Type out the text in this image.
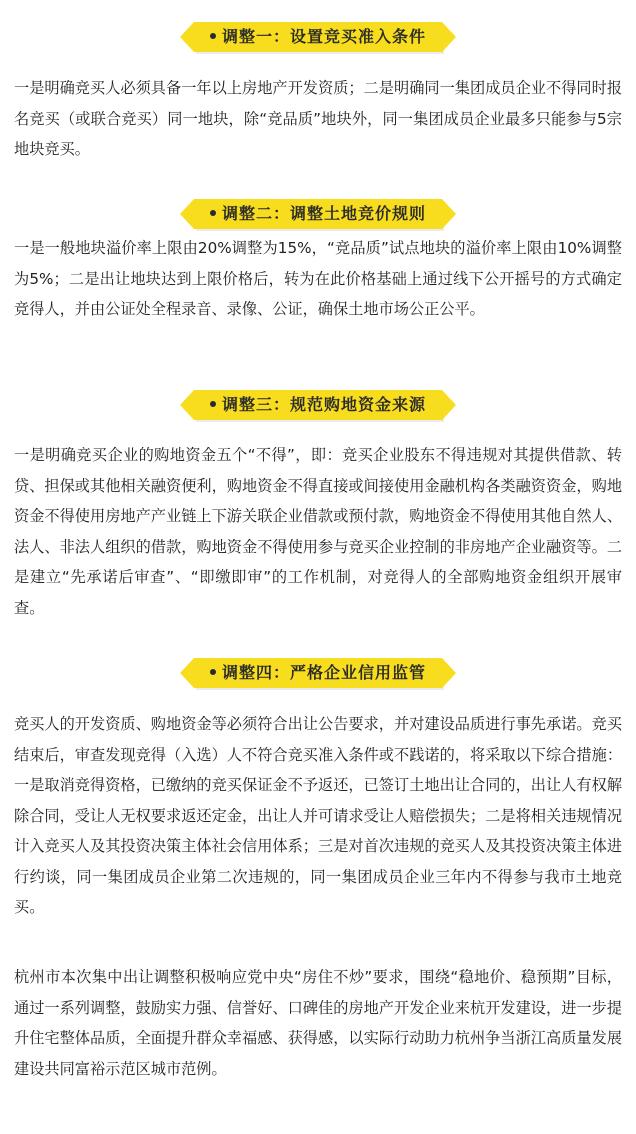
调整一：设置竞买准入条件

一是明确竞买人必须具备一年以上房地产开发资质；二是明确同一集团成员企业不得同时报名竞买（或联合竞买）同一地块，除“竞品质”地块外，同一集团成员企业最多只能参与5宗地块竞买。

调整二：调整土地竞价规则

一是一般地块溢价率上限由20%调整为15%，“竞品质”试点地块的溢价率上限由10%调整为5%；二是出让地块达到上限价格后，转为在此价格基础上通过线下公开摇号的方式确定竞得人，并由公证处全程录音、录像、公证，确保土地市场公正公平。

调整三：规范购地资金来源

一是明确竞买企业的购地资金五个“不得”，即：竞买企业股东不得违规对其提供借款、转贷、担保或其他相关融资便利，购地资金不得直接或间接使用金融机构各类融资资金，购地资金不得使用房地产产业链上下游关联企业借款或预付款，购地资金不得使用其他自然人、法人、非法人组织的借款，购地资金不得使用参与竞买企业控制的非房地产企业融资等。二是建立“先承诺后审查”、“即缴即审”的工作机制，对竞得人的全部购地资金组织开展审查。

调整四：严格企业信用监管

竞买人的开发资质、购地资金等必须符合出让公告要求，并对建设品质进行事先承诺。竞买结束后，审查发现竞得（入选）人不符合竞买准入条件或不践诺的，将采取以下综合措施：一是取消竞得资格，已缴纳的竞买保证金不予返还，已签订土地出让合同的，出让人有权解除合同，受让人无权要求返还定金，出让人并可请求受让人赔偿损失；二是将相关违规情况计入竞买人及其投资决策主体社会信用体系；三是对首次违规的竞买人及其投资决策主体进行约谈，同一集团成员企业第二次违规的，同一集团成员企业三年内不得参与我市土地竞买。

杭州市本次集中出让调整积极响应党中央“房住不炒”要求，围绕“稳地价、稳预期”目标，通过一系列调整，鼓励实力强、信誉好、口碑佳的房地产开发企业来杭开发建设，进一步提升住宅整体品质，全面提升群众幸福感、获得感，以实际行动助力杭州争当浙江高质量发展建设共同富裕示范区城市范例。
